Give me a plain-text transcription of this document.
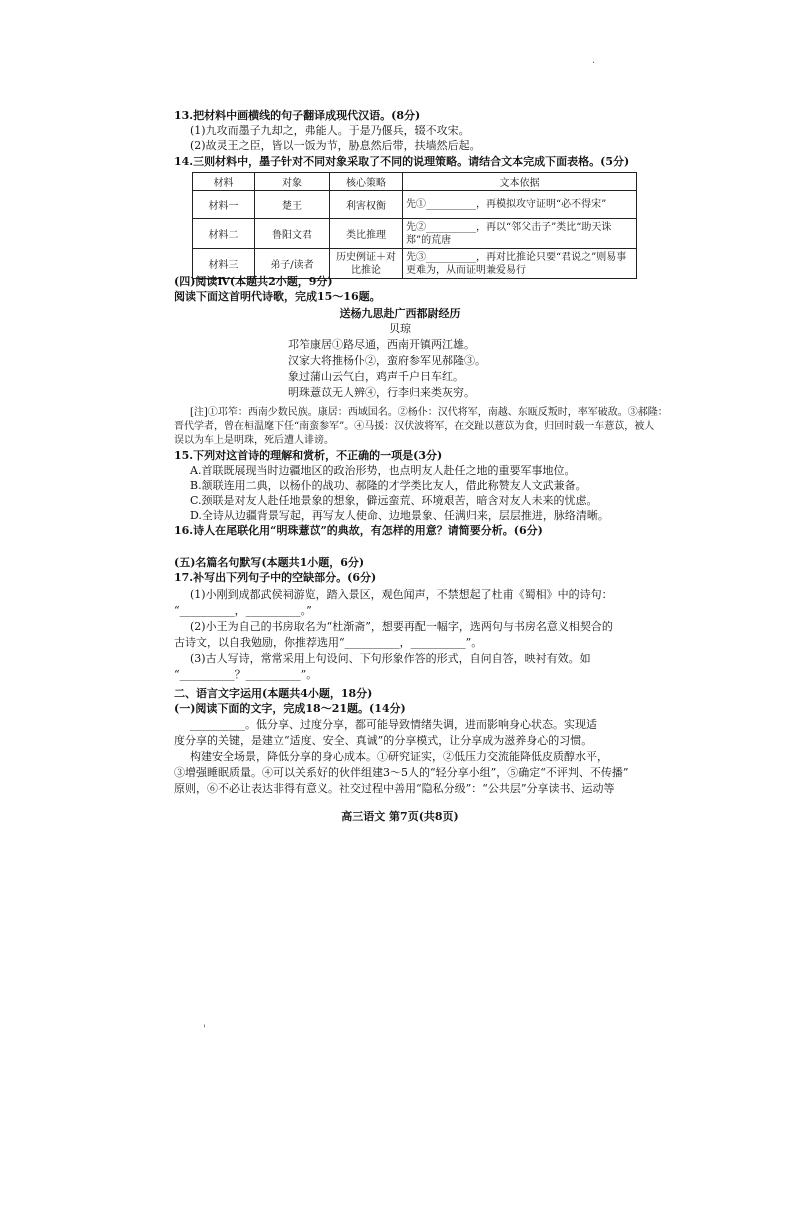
·
13.把材料中画横线的句子翻译成现代汉语。(8分)
(1)九攻而墨子九却之，弗能人。于是乃偃兵，辍不攻宋。
(2)故灵王之臣，皆以一饭为节，胁息然后带，扶墙然后起。
14.三则材料中，墨子针对不同对象采取了不同的说理策略。请结合文本完成下面表格。(5分)
材料	对象	核心策略	文本依据
材料一	楚王	利害权衡	先①__________，再模拟攻守证明“必不得宋”
材料二	鲁阳文君	类比推理	先②__________，再以“邻父击子”类比“助天诛郑”的荒唐
材料三	弟子/读者	历史例证＋对比推论	先③__________，再对比推论只要“君说之”则易事更难为，从而证明兼爱易行
(四)阅读Ⅳ(本题共2小题，9分)
阅读下面这首明代诗歌，完成15～16题。
送杨九思赴广西都尉经历
贝琼
邛笮康居①路尽通，西南开镇两江雄。
汉家大将推杨仆②，蛮府参军见郝隆③。
象过蒲山云气白，鸡声千户日车红。
明珠薏苡无人辨④，行李归来类灰穷。
[注]①邛笮：西南少数民族。康居：西域国名。②杨仆：汉代将军，南越、东瓯反叛时，率军破敌。③郝隆：
晋代学者，曾在桓温麾下任“南蛮参军”。④马援：汉伏波将军，在交趾以薏苡为食，归回时载一车薏苡，被人
误以为车上是明珠，死后遭人诽谤。
15.下列对这首诗的理解和赏析，不正确的一项是(3分)
A.首联既展现当时边疆地区的政治形势，也点明友人赴任之地的重要军事地位。
B.颔联连用二典，以杨仆的战功、郝隆的才学类比友人，借此称赞友人文武兼备。
C.颈联是对友人赴任地景象的想象，僻远蛮荒、环境艰苦，暗含对友人未来的忧虑。
D.全诗从边疆背景写起，再写友人使命、边地景象、任满归来，层层推进，脉络清晰。
16.诗人在尾联化用“明珠薏苡”的典故，有怎样的用意？请简要分析。(6分)
(五)名篇名句默写(本题共1小题，6分)
17.补写出下列句子中的空缺部分。(6分)
(1)小刚到成都武侯祠游览，踏入景区，观色闻声，不禁想起了杜甫《蜀相》中的诗句：
“__________，__________。”
(2)小王为自己的书房取名为“杜渐斋”，想要再配一幅字，选两句与书房名意义相契合的
古诗文，以自我勉励，你推荐选用“__________，__________”。
(3)古人写诗，常常采用上句设问、下句形象作答的形式，自问自答，映衬有效。如
“__________？__________”。
二、语言文字运用(本题共4小题，18分)
(一)阅读下面的文字，完成18～21题。(14分)
__________。低分享、过度分享，都可能导致情绪失调，进而影响身心状态。实现适
度分享的关键，是建立“适度、安全、真诚”的分享模式，让分享成为滋养身心的习惯。
构建安全场景，降低分享的身心成本。①研究证实，②低压力交流能降低皮质醇水平，
③增强睡眠质量。④可以关系好的伙伴组建3～5人的“轻分享小组”，⑤确定“不评判、不传播”
原则，⑥不必让表达非得有意义。社交过程中善用“隐私分级”：“公共层”分享读书、运动等
高三语文 第7页(共8页)
'
